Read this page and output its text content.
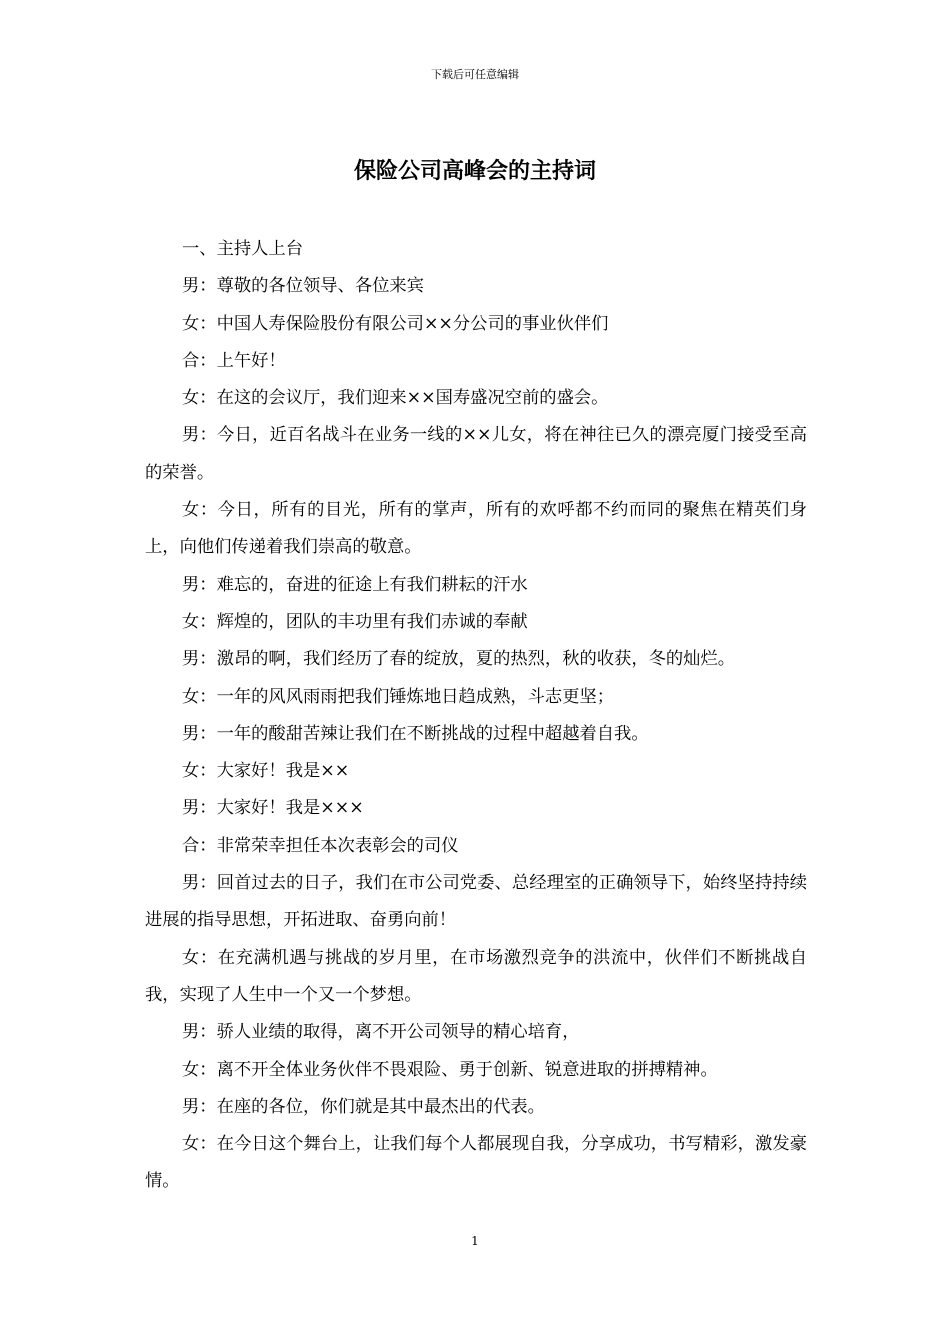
下载后可任意编辑
保险公司高峰会的主持词

一、主持人上台

男：尊敬的各位领导、各位来宾

女：中国人寿保险股份有限公司××分公司的事业伙伴们

合：上午好！

女：在这的会议厅，我们迎来××国寿盛况空前的盛会。

男：今日，近百名战斗在业务一线的××儿女，将在神往已久的漂亮厦门接受至高的荣誉。

女：今日，所有的目光，所有的掌声，所有的欢呼都不约而同的聚焦在精英们身上，向他们传递着我们崇高的敬意。

男：难忘的，奋进的征途上有我们耕耘的汗水

女：辉煌的，团队的丰功里有我们赤诚的奉献

男：激昂的啊，我们经历了春的绽放，夏的热烈，秋的收获，冬的灿烂。

女：一年的风风雨雨把我们锤炼地日趋成熟，斗志更坚；

男：一年的酸甜苦辣让我们在不断挑战的过程中超越着自我。

女：大家好！我是××

男：大家好！我是×××

合：非常荣幸担任本次表彰会的司仪

男：回首过去的日子，我们在市公司党委、总经理室的正确领导下，始终坚持持续进展的指导思想，开拓进取、奋勇向前！

女：在充满机遇与挑战的岁月里，在市场激烈竞争的洪流中，伙伴们不断挑战自我，实现了人生中一个又一个梦想。

男：骄人业绩的取得，离不开公司领导的精心培育，

女：离不开全体业务伙伴不畏艰险、勇于创新、锐意进取的拼搏精神。

男：在座的各位，你们就是其中最杰出的代表。

女：在今日这个舞台上，让我们每个人都展现自我，分享成功，书写精彩，激发豪情。

1
